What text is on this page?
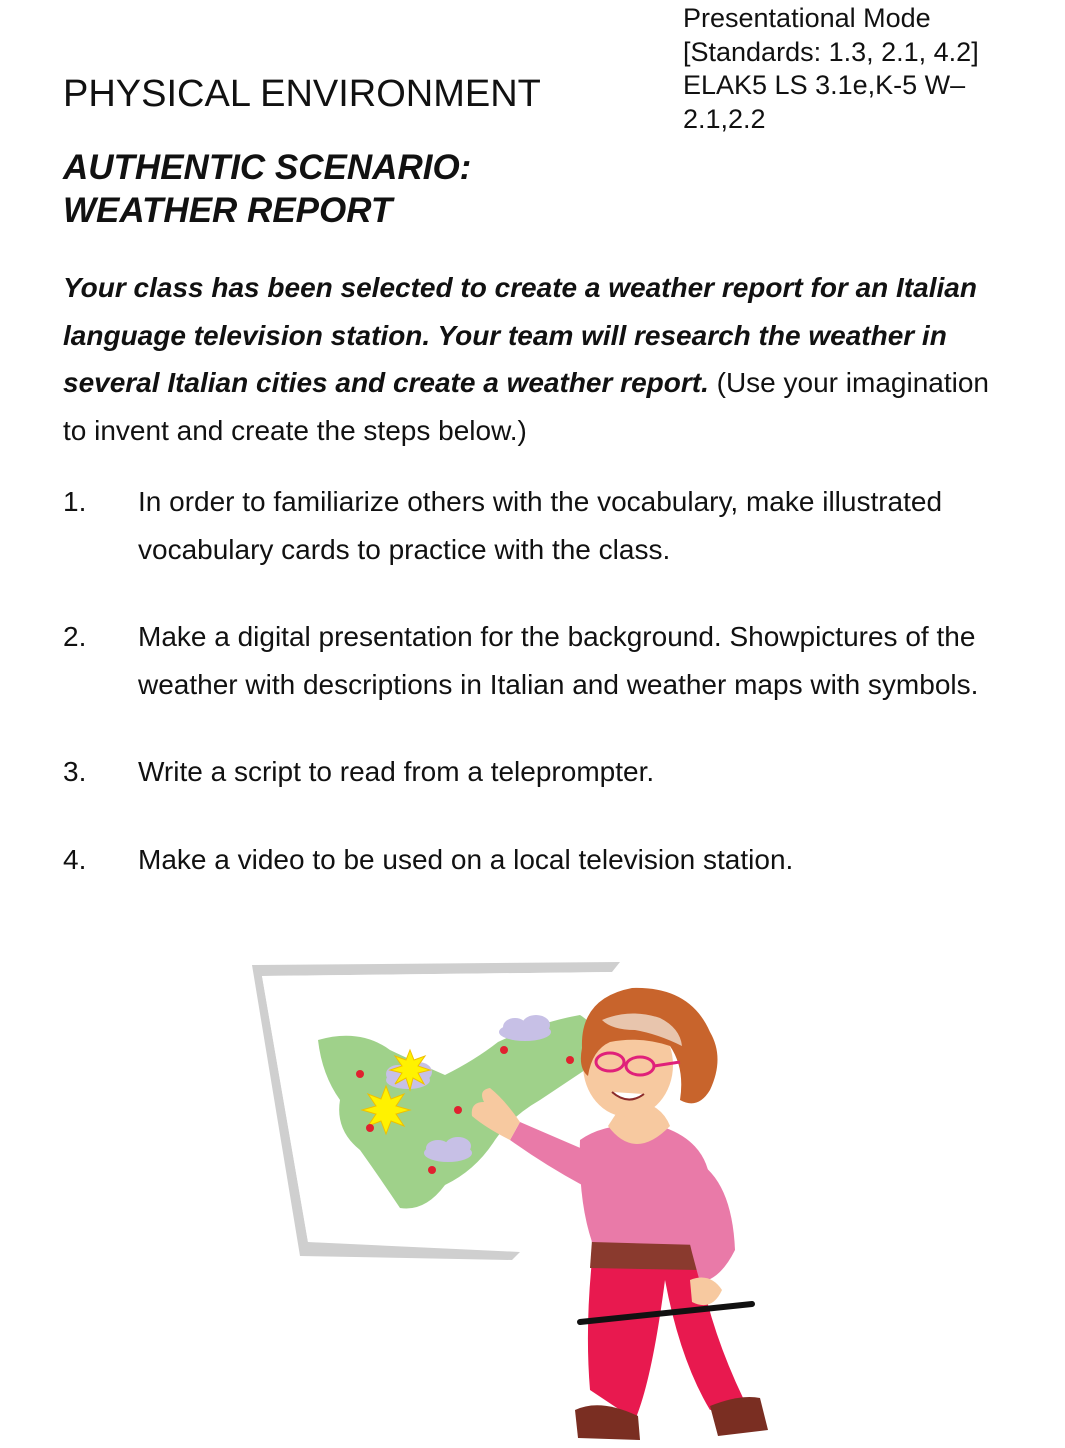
Presentational Mode
[Standards: 1.3, 2.1, 4.2]
ELAK5 LS 3.1e,K-5 W–
2.1,2.2
PHYSICAL ENVIRONMENT
AUTHENTIC SCENARIO:
WEATHER REPORT
Your class has been selected to create a weather report for an Italian language television station. Your team will research the weather in several Italian cities and create a weather report. (Use your imagination to invent and create the steps below.)
1. In order to familiarize others with the vocabulary, make illustrated vocabulary cards to practice with the class.
2. Make a digital presentation for the background. Showpictures of the weather with descriptions in Italian and weather maps with symbols.
3. Write a script to read from a teleprompter.
4. Make a video to be used on a local television station.
